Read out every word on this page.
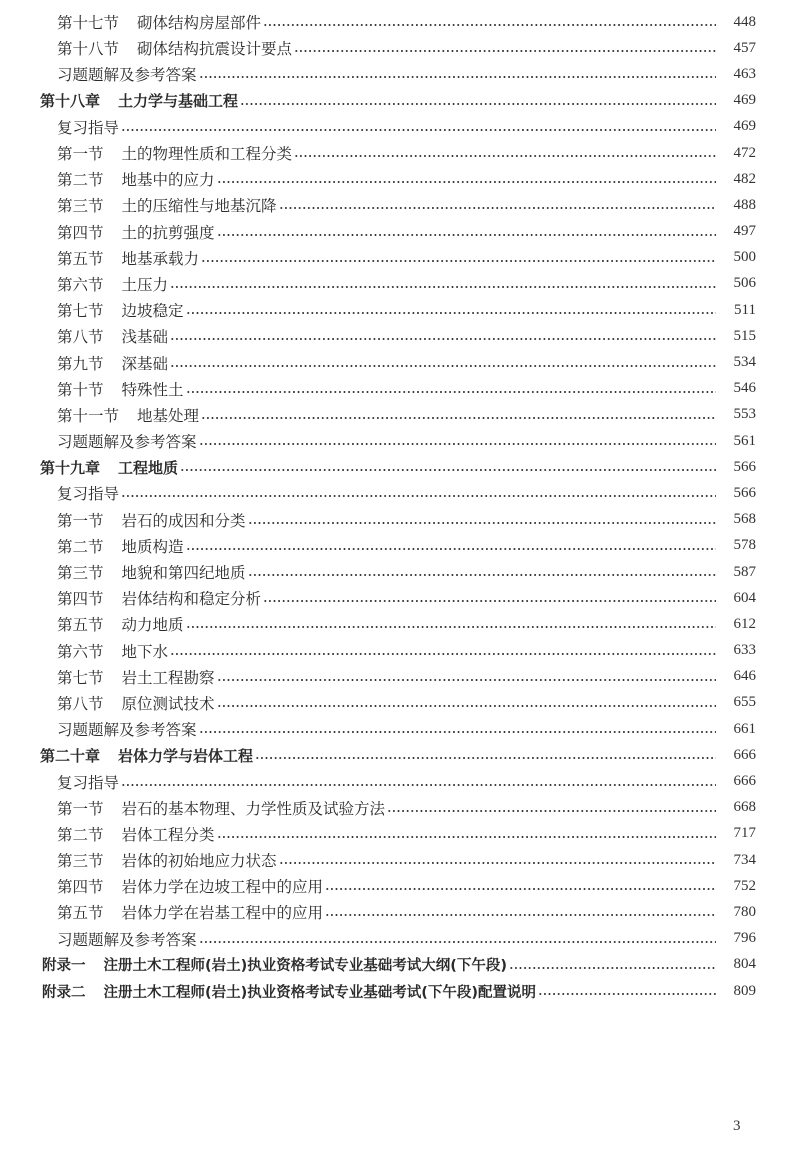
第十七节 砌体结构房屋部件	448
第十八节 砌体结构抗震设计要点	457
习题题解及参考答案	463
第十八章 土力学与基础工程	469
复习指导	469
第一节 土的物理性质和工程分类	472
第二节 地基中的应力	482
第三节 土的压缩性与地基沉降	488
第四节 土的抗剪强度	497
第五节 地基承载力	500
第六节 土压力	506
第七节 边坡稳定	511
第八节 浅基础	515
第九节 深基础	534
第十节 特殊性土	546
第十一节 地基处理	553
习题题解及参考答案	561
第十九章 工程地质	566
复习指导	566
第一节 岩石的成因和分类	568
第二节 地质构造	578
第三节 地貌和第四纪地质	587
第四节 岩体结构和稳定分析	604
第五节 动力地质	612
第六节 地下水	633
第七节 岩土工程勘察	646
第八节 原位测试技术	655
习题题解及参考答案	661
第二十章 岩体力学与岩体工程	666
复习指导	666
第一节 岩石的基本物理、力学性质及试验方法	668
第二节 岩体工程分类	717
第三节 岩体的初始地应力状态	734
第四节 岩体力学在边坡工程中的应用	752
第五节 岩体力学在岩基工程中的应用	780
习题题解及参考答案	796
附录一 注册土木工程师(岩土)执业资格考试专业基础考试大纲(下午段)	804
附录二 注册土木工程师(岩土)执业资格考试专业基础考试(下午段)配置说明	809
3
